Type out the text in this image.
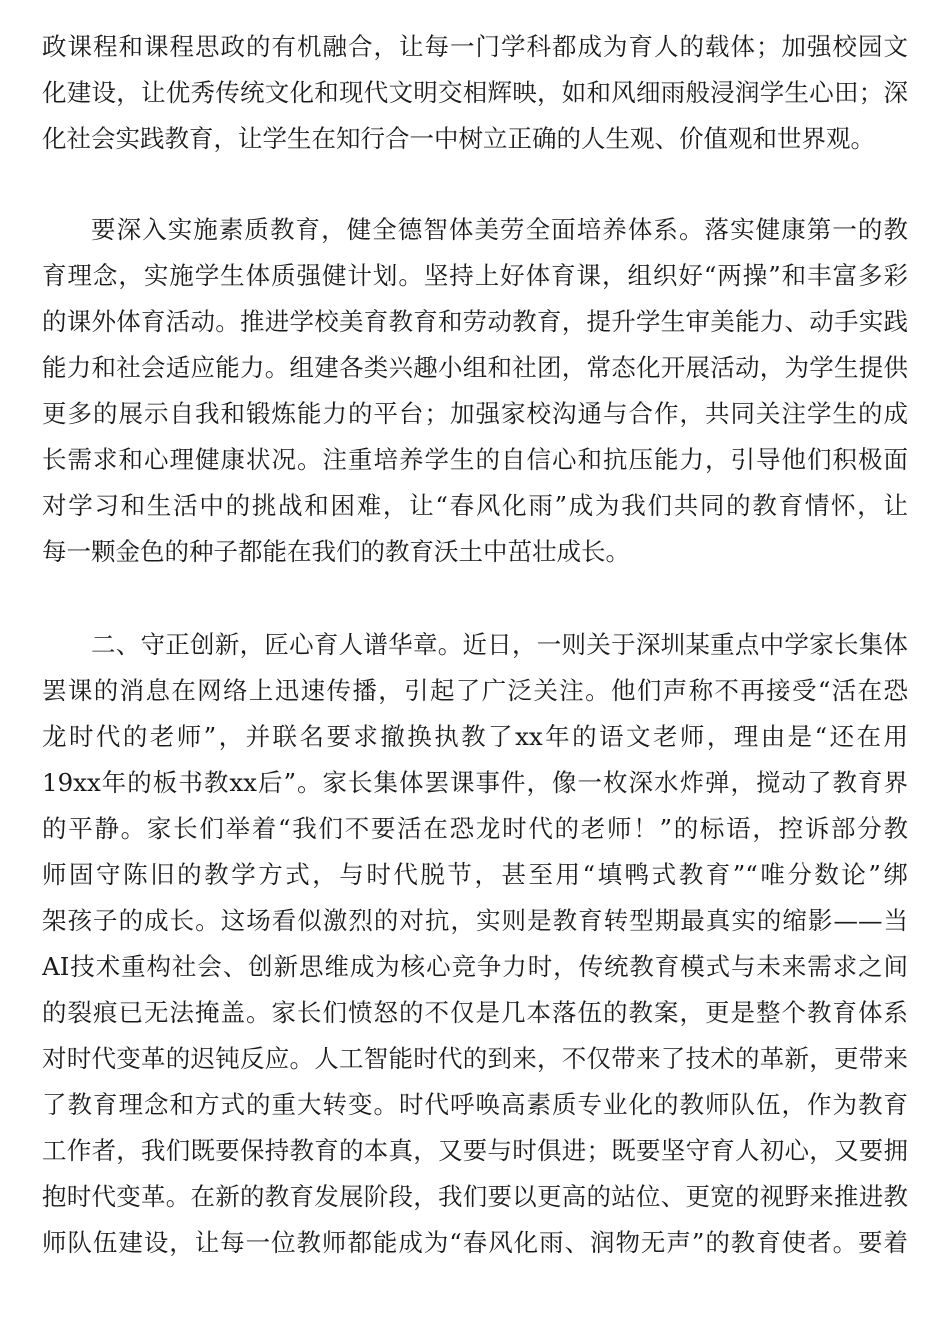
政课程和课程思政的有机融合，让每一门学科都成为育人的载体；加强校园文
化建设，让优秀传统文化和现代文明交相辉映，如和风细雨般浸润学生心田；深
化社会实践教育，让学生在知行合一中树立正确的人生观、价值观和世界观。
要深入实施素质教育，健全德智体美劳全面培养体系。落实健康第一的教
育理念，实施学生体质强健计划。坚持上好体育课，组织好“两操”和丰富多彩
的课外体育活动。推进学校美育教育和劳动教育，提升学生审美能力、动手实践
能力和社会适应能力。组建各类兴趣小组和社团，常态化开展活动，为学生提供
更多的展示自我和锻炼能力的平台；加强家校沟通与合作，共同关注学生的成
长需求和心理健康状况。注重培养学生的自信心和抗压能力，引导他们积极面
对学习和生活中的挑战和困难，让“春风化雨”成为我们共同的教育情怀，让
每一颗金色的种子都能在我们的教育沃土中茁壮成长。
二、守正创新，匠心育人谱华章。近日，一则关于深圳某重点中学家长集体
罢课的消息在网络上迅速传播，引起了广泛关注。他们声称不再接受“活在恐
龙时代的老师”，并联名要求撤换执教了xx年的语文老师，理由是“还在用
19xx年的板书教xx后”。家长集体罢课事件，像一枚深水炸弹，搅动了教育界
的平静。家长们举着“我们不要活在恐龙时代的老师！”的标语，控诉部分教
师固守陈旧的教学方式，与时代脱节，甚至用“填鸭式教育”“唯分数论”绑
架孩子的成长。这场看似激烈的对抗，实则是教育转型期最真实的缩影——当
AI技术重构社会、创新思维成为核心竞争力时，传统教育模式与未来需求之间
的裂痕已无法掩盖。家长们愤怒的不仅是几本落伍的教案，更是整个教育体系
对时代变革的迟钝反应。人工智能时代的到来，不仅带来了技术的革新，更带来
了教育理念和方式的重大转变。时代呼唤高素质专业化的教师队伍，作为教育
工作者，我们既要保持教育的本真，又要与时俱进；既要坚守育人初心，又要拥
抱时代变革。在新的教育发展阶段，我们要以更高的站位、更宽的视野来推进教
师队伍建设，让每一位教师都能成为“春风化雨、润物无声”的教育使者。要着
